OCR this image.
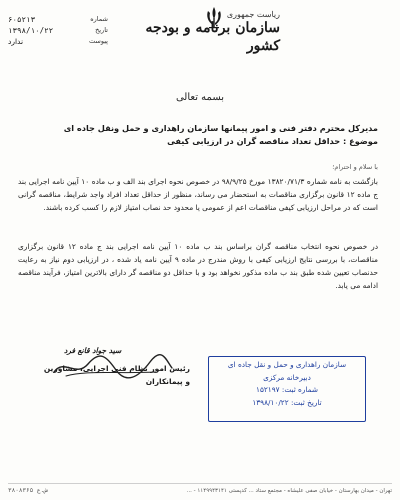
۶۰۵۲۱۳	شماره
۱۳۹۸/۱۰/۲۲	تاریخ
ندارد	پیوست
ریاست جمهوری
سازمان برنامه و بودجه کشور
بسمه تعالی
مدیرکل محترم دفتر فنی و امور پیمانها سازمان راهداری و حمل ونقل جاده ای
موضوع : حداقل تعداد مناقصه گران در ارزیابی کیفی
با سلام و احترام؛
بازگشت به نامه شماره ۱۳۸۲۰/۷۱/۳ مورخ ۹۸/۹/۲۵ در خصوص نحوه اجرای بند الف و ب ماده ۱۰ آیین نامه اجرایی بند ج ماده ۱۲ قانون برگزاری مناقصات به استحضار می رساند، منظور از حداقل تعداد افراد واجد شرایط، مناقصه گرانی است که در مراحل ارزیابی کیفی مناقصات اعم از عمومی یا محدود حد نصاب امتیاز لازم را کسب کرده باشند.
در خصوص نحوه انتخاب مناقصه گران براساس بند ب ماده ۱۰ آیین نامه اجرایی بند ج ماده ۱۲ قانون برگزاری مناقصات، با بررسی نتایج ارزیابی کیفی با روش مندرج در ماده ۹ آیین نامه یاد شده ، در ارزیابی دوم نیاز به رعایت حدنصاب تعیین شده طبق بند ب ماده مذکور نخواهد بود و با حداقل دو مناقصه گر دارای بالاترین امتیاز، فرآیند مناقصه ادامه می یابد.
سید جواد قانع فرد
رئیس امور نظام فنی اجرایی، مشاورین
و پیمانکاران
سازمان راهداری و حمل و نقل جاده ای
دبیرخانه مرکزی
شماره ثبت: ۱۵۲۱۹۷
تاریخ ثبت: ۱۳۹۸/۱۰/۲۲
ش.ع ۳۸۰۸۳۶۵	تهران - میدان بهارستان - خیابان صفی علیشاه - مجتمع ستاد ... کدپستی ۱۱۴۹۹۴۳۱۴۱ - ...
